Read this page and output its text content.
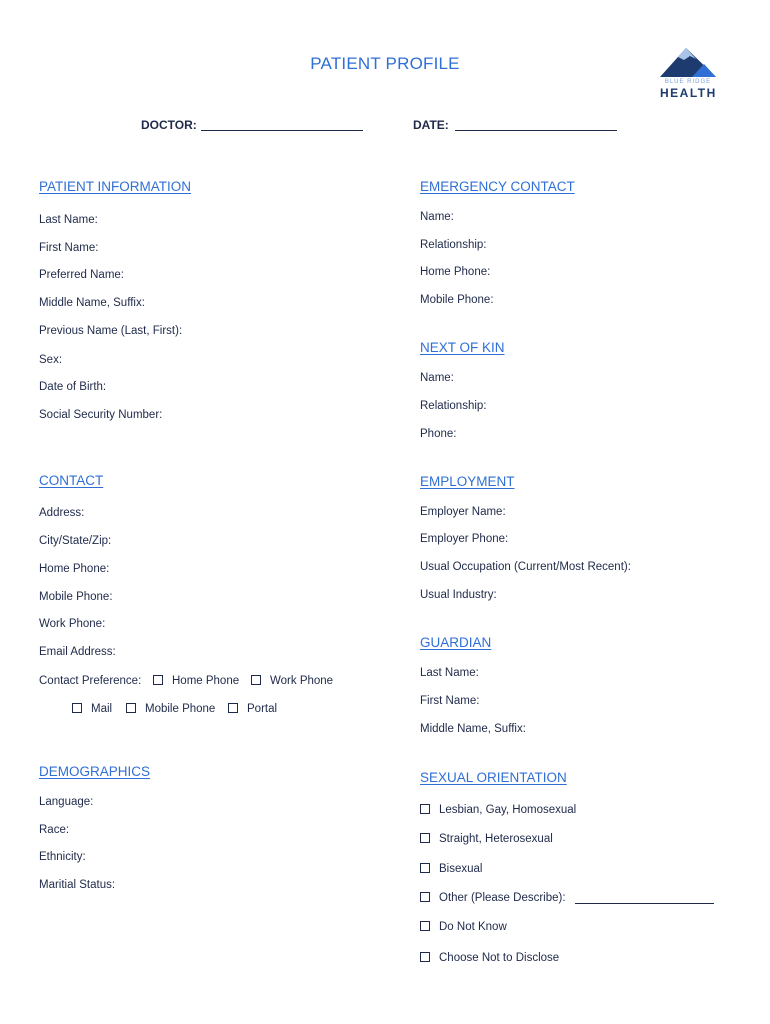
PATIENT PROFILE
BLUE RIDGE
HEALTH
DOCTOR:	DATE:
PATIENT INFORMATION
Last Name:
First Name:
Preferred Name:
Middle Name, Suffix:
Previous Name (Last, First):
Sex:
Date of Birth:
Social Security Number:
EMERGENCY CONTACT
Name:
Relationship:
Home Phone:
Mobile Phone:
NEXT OF KIN
Name:
Relationship:
Phone:
CONTACT
Address:
City/State/Zip:
Home Phone:
Mobile Phone:
Work Phone:
Email Address:
Contact Preference:	Home Phone	Work Phone
Mail	Mobile Phone	Portal
EMPLOYMENT
Employer Name:
Employer Phone:
Usual Occupation (Current/Most Recent):
Usual Industry:
GUARDIAN
Last Name:
First Name:
Middle Name, Suffix:
DEMOGRAPHICS
Language:
Race:
Ethnicity:
Maritial Status:
SEXUAL ORIENTATION
Lesbian, Gay, Homosexual
Straight, Heterosexual
Bisexual
Other (Please Describe):
Do Not Know
Choose Not to Disclose
